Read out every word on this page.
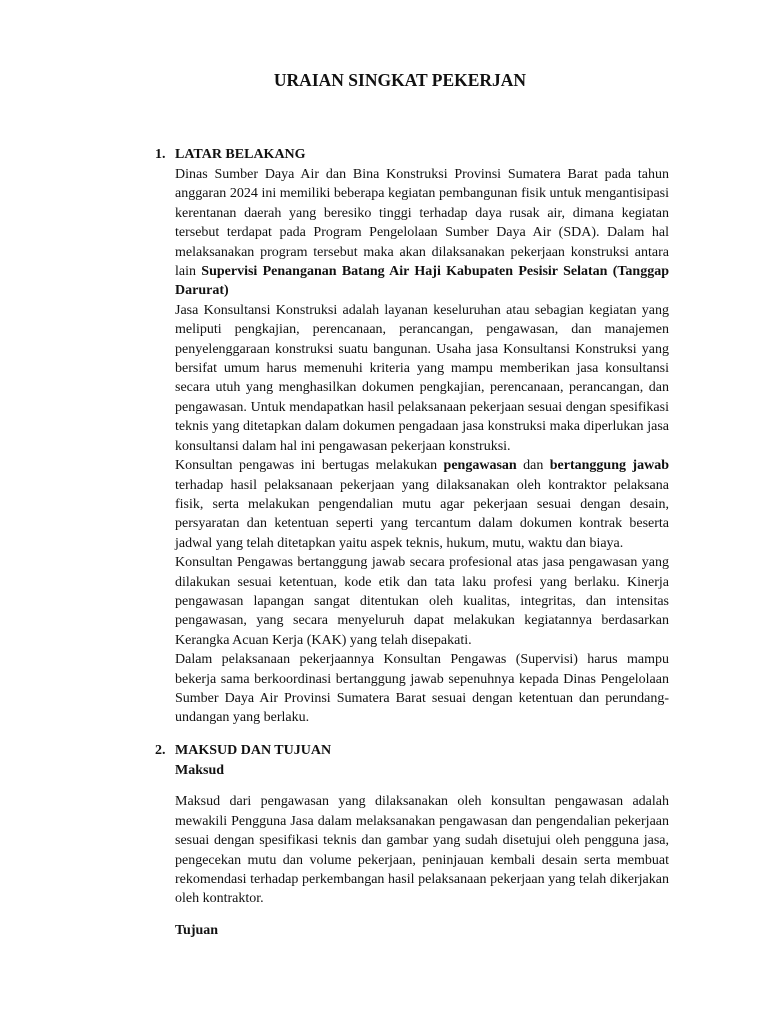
URAIAN SINGKAT PEKERJAN
1. LATAR BELAKANG

Dinas Sumber Daya Air dan Bina Konstruksi Provinsi Sumatera Barat pada tahun anggaran 2024 ini memiliki beberapa kegiatan pembangunan fisik untuk mengantisipasi kerentanan daerah yang beresiko tinggi terhadap daya rusak air, dimana kegiatan tersebut terdapat pada Program Pengelolaan Sumber Daya Air (SDA). Dalam hal melaksanakan program tersebut maka akan dilaksanakan pekerjaan konstruksi antara lain Supervisi Penanganan Batang Air Haji Kabupaten Pesisir Selatan (Tanggap Darurat)

Jasa Konsultansi Konstruksi adalah layanan keseluruhan atau sebagian kegiatan yang meliputi pengkajian, perencanaan, perancangan, pengawasan, dan manajemen penyelenggaraan konstruksi suatu bangunan. Usaha jasa Konsultansi Konstruksi yang bersifat umum harus memenuhi kriteria yang mampu memberikan jasa konsultansi secara utuh yang menghasilkan dokumen pengkajian, perencanaan, perancangan, dan pengawasan. Untuk mendapatkan hasil pelaksanaan pekerjaan sesuai dengan spesifikasi teknis yang ditetapkan dalam dokumen pengadaan jasa konstruksi maka diperlukan jasa konsultansi dalam hal ini pengawasan pekerjaan konstruksi.

Konsultan pengawas ini bertugas melakukan pengawasan dan bertanggung jawab terhadap hasil pelaksanaan pekerjaan yang dilaksanakan oleh kontraktor pelaksana fisik, serta melakukan pengendalian mutu agar pekerjaan sesuai dengan desain, persyaratan dan ketentuan seperti yang tercantum dalam dokumen kontrak beserta jadwal yang telah ditetapkan yaitu aspek teknis, hukum, mutu, waktu dan biaya.

Konsultan Pengawas bertanggung jawab secara profesional atas jasa pengawasan yang dilakukan sesuai ketentuan, kode etik dan tata laku profesi yang berlaku. Kinerja pengawasan lapangan sangat ditentukan oleh kualitas, integritas, dan intensitas pengawasan, yang secara menyeluruh dapat melakukan kegiatannya berdasarkan Kerangka Acuan Kerja (KAK) yang telah disepakati.

Dalam pelaksanaan pekerjaannya Konsultan Pengawas (Supervisi) harus mampu bekerja sama berkoordinasi bertanggung jawab sepenuhnya kepada Dinas Pengelolaan Sumber Daya Air Provinsi Sumatera Barat sesuai dengan ketentuan dan perundang-undangan yang berlaku.

2. MAKSUD DAN TUJUAN

Maksud

Maksud dari pengawasan yang dilaksanakan oleh konsultan pengawasan adalah mewakili Pengguna Jasa dalam melaksanakan pengawasan dan pengendalian pekerjaan sesuai dengan spesifikasi teknis dan gambar yang sudah disetujui oleh pengguna jasa, pengecekan mutu dan volume pekerjaan, peninjauan kembali desain serta membuat rekomendasi terhadap perkembangan hasil pelaksanaan pekerjaan yang telah dikerjakan oleh kontraktor.

Tujuan
